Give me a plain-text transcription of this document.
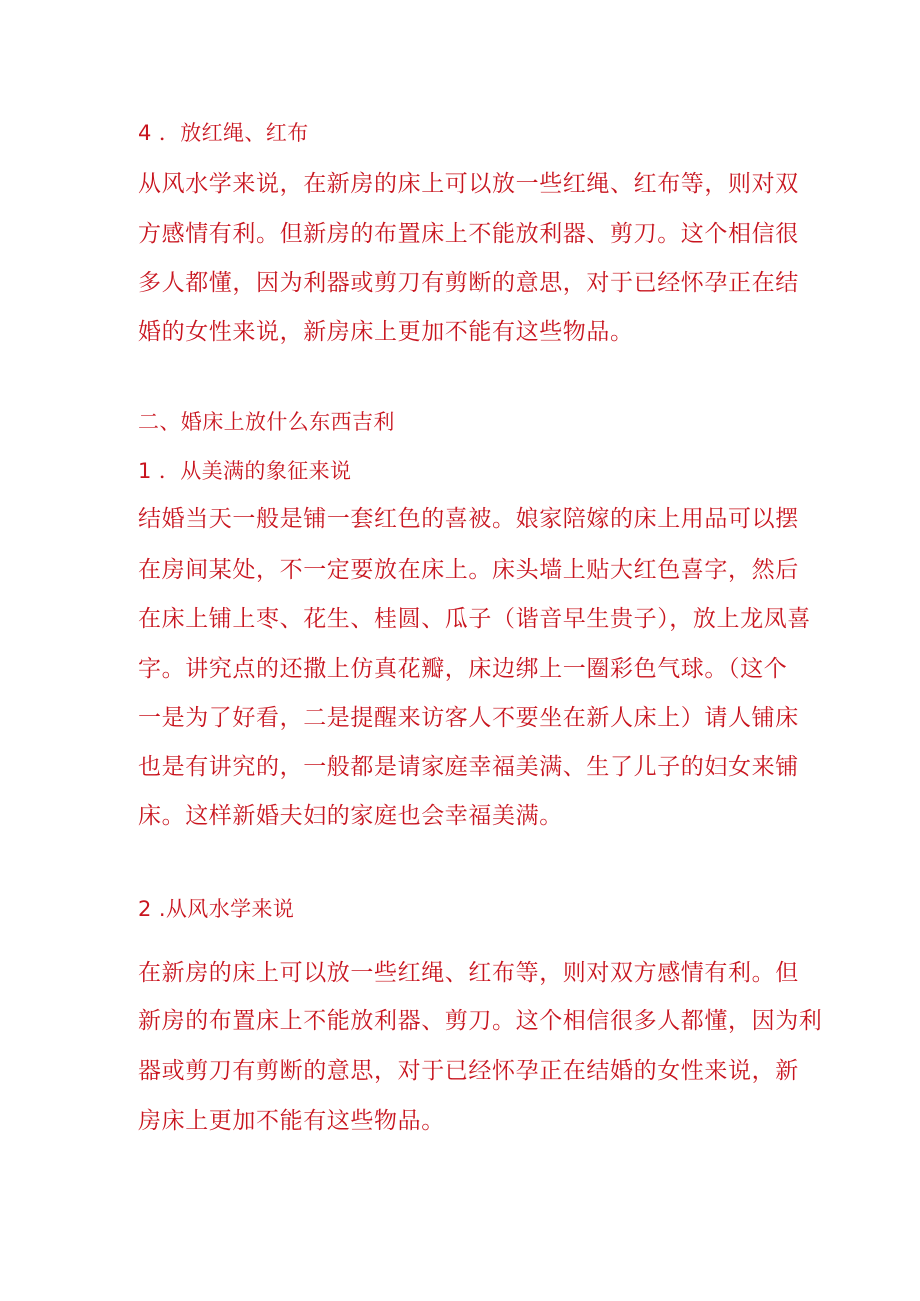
4 ．放红绳、红布
从风水学来说，在新房的床上可以放一些红绳、红布等，则对双
方感情有利。但新房的布置床上不能放利器、剪刀。这个相信很
多人都懂，因为利器或剪刀有剪断的意思，对于已经怀孕正在结
婚的女性来说，新房床上更加不能有这些物品。
二、婚床上放什么东西吉利
1 ．从美满的象征来说
结婚当天一般是铺一套红色的喜被。娘家陪嫁的床上用品可以摆
在房间某处，不一定要放在床上。床头墙上贴大红色喜字，然后
在床上铺上枣、花生、桂圆、瓜子（谐音早生贵子），放上龙凤喜
字。讲究点的还撒上仿真花瓣，床边绑上一圈彩色气球。（这个
一是为了好看，二是提醒来访客人不要坐在新人床上）请人铺床
也是有讲究的，一般都是请家庭幸福美满、生了儿子的妇女来铺
床。这样新婚夫妇的家庭也会幸福美满。
2 .从风水学来说
在新房的床上可以放一些红绳、红布等，则对双方感情有利。但
新房的布置床上不能放利器、剪刀。这个相信很多人都懂，因为利
器或剪刀有剪断的意思，对于已经怀孕正在结婚的女性来说，新
房床上更加不能有这些物品。
